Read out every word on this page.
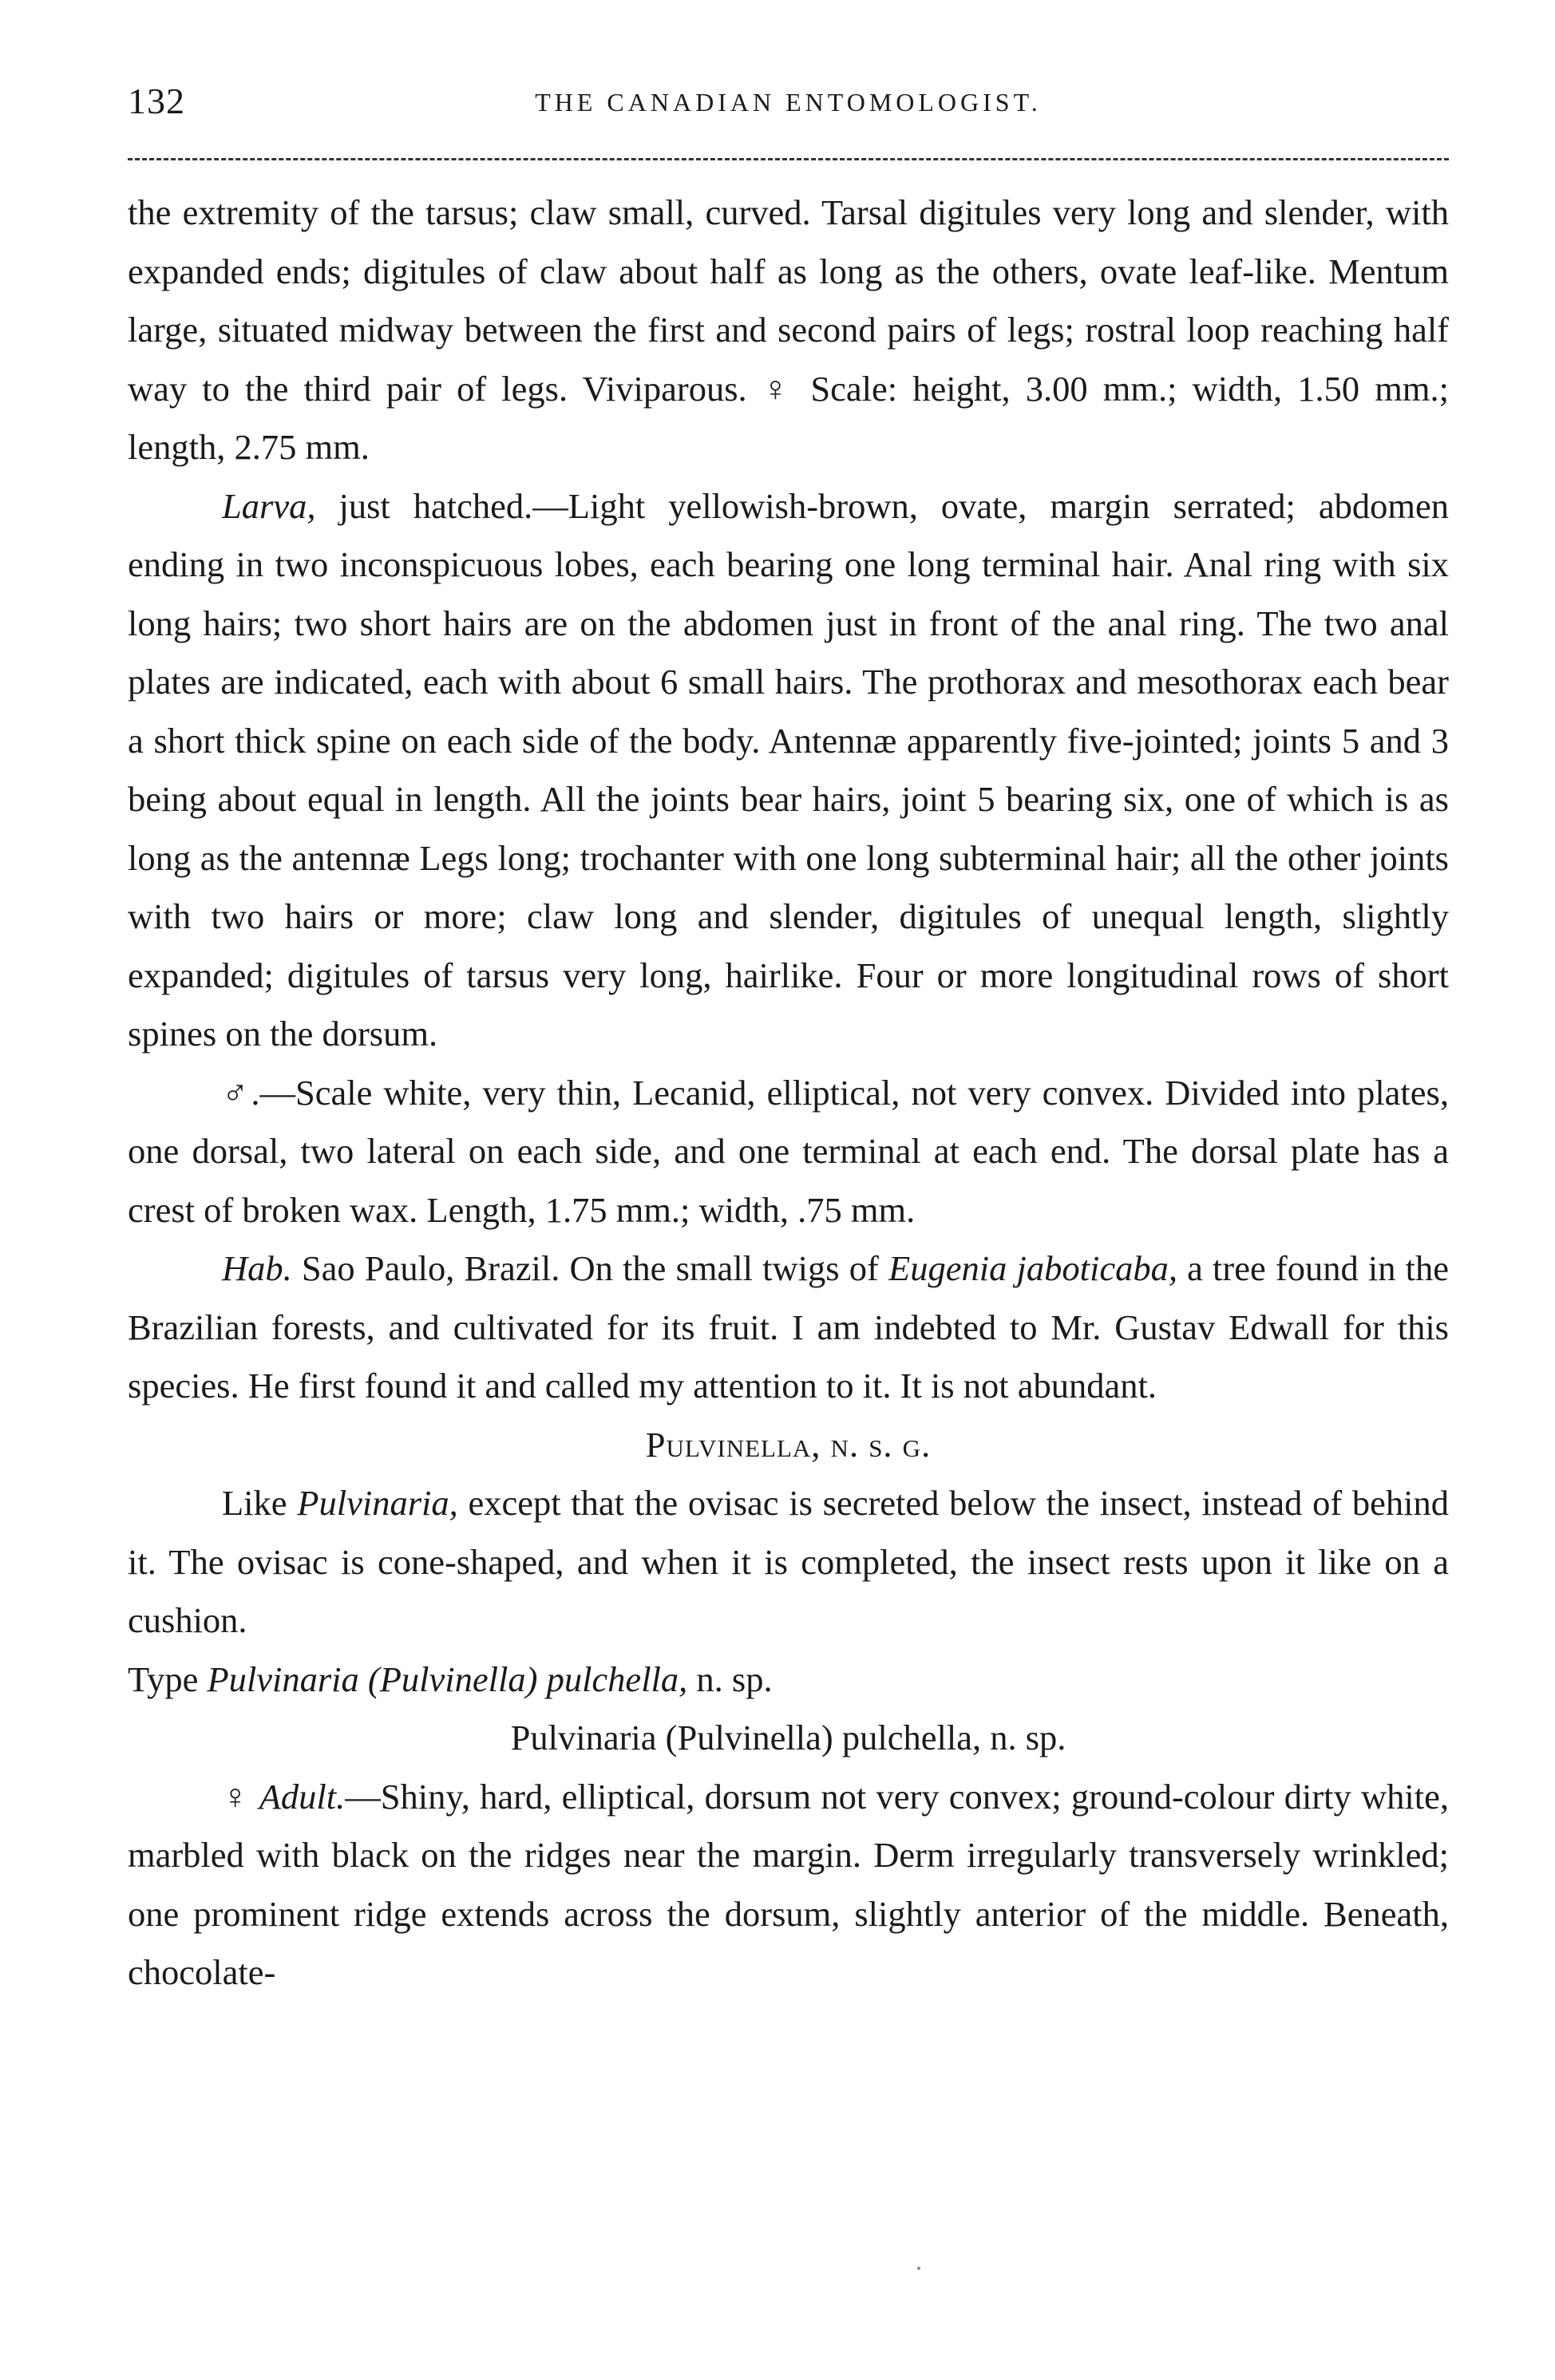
132	THE CANADIAN ENTOMOLOGIST.

the extremity of the tarsus; claw small, curved. Tarsal digitules very long and slender, with expanded ends; digitules of claw about half as long as the others, ovate leaf-like. Mentum large, situated midway between the first and second pairs of legs; rostral loop reaching half way to the third pair of legs. Viviparous. ♀ Scale: height, 3.00 mm.; width, 1.50 mm.; length, 2.75 mm.

Larva, just hatched.—Light yellowish-brown, ovate, margin serrated; abdomen ending in two inconspicuous lobes, each bearing one long terminal hair. Anal ring with six long hairs; two short hairs are on the abdomen just in front of the anal ring. The two anal plates are indicated, each with about 6 small hairs. The prothorax and mesothorax each bear a short thick spine on each side of the body. Antennæ apparently five-jointed; joints 5 and 3 being about equal in length. All the joints bear hairs, joint 5 bearing six, one of which is as long as the antennæ Legs long; trochanter with one long subterminal hair; all the other joints with two hairs or more; claw long and slender, digitules of unequal length, slightly expanded; digitules of tarsus very long, hairlike. Four or more longitudinal rows of short spines on the dorsum.

♂.—Scale white, very thin, Lecanid, elliptical, not very convex. Divided into plates, one dorsal, two lateral on each side, and one terminal at each end. The dorsal plate has a crest of broken wax. Length, 1.75 mm.; width, .75 mm.

Hab. Sao Paulo, Brazil. On the small twigs of Eugenia jaboticaba, a tree found in the Brazilian forests, and cultivated for its fruit. I am indebted to Mr. Gustav Edwall for this species. He first found it and called my attention to it. It is not abundant.

Pulvinella, n. s. g.

Like Pulvinaria, except that the ovisac is secreted below the insect, instead of behind it. The ovisac is cone-shaped, and when it is completed, the insect rests upon it like on a cushion.

Type Pulvinaria (Pulvinella) pulchella, n. sp.

Pulvinaria (Pulvinella) pulchella, n. sp.

♀ Adult.—Shiny, hard, elliptical, dorsum not very convex; ground-colour dirty white, marbled with black on the ridges near the margin. Derm irregularly transversely wrinkled; one prominent ridge extends across the dorsum, slightly anterior of the middle. Beneath, chocolate-
